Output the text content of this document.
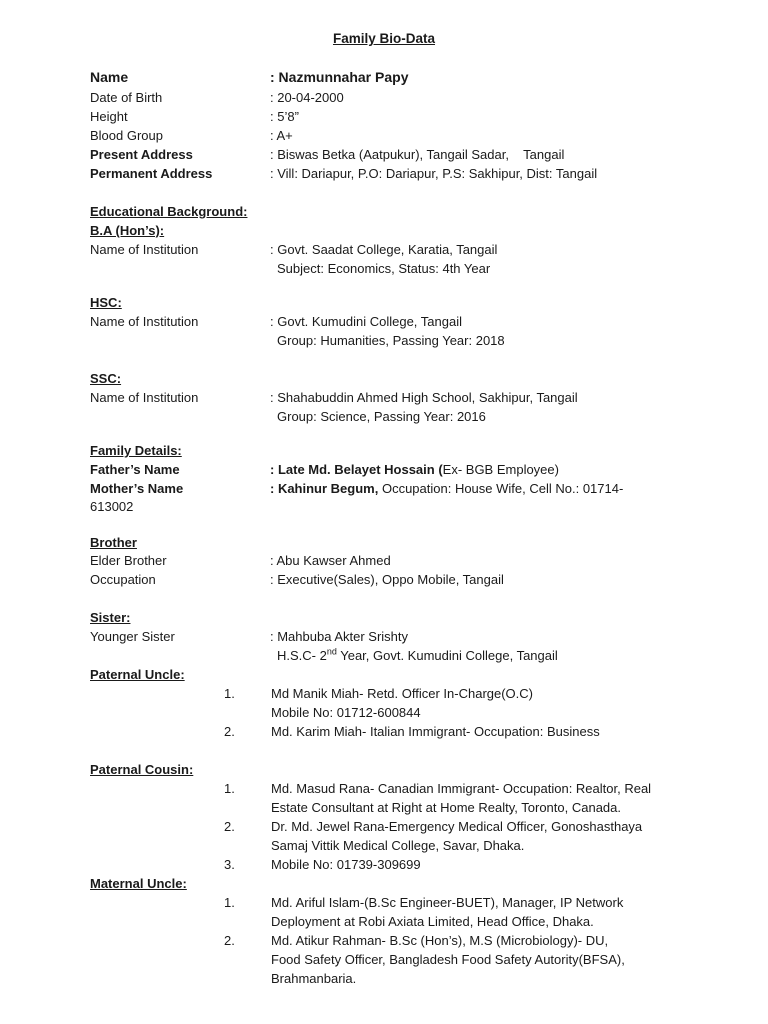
Family Bio-Data
Name	: Nazmunnahar Papy
Date of Birth	: 20-04-2000
Height	: 5’8”
Blood Group	: A+
Present Address	: Biswas Betka (Aatpukur), Tangail Sadar,    Tangail
Permanent Address	: Vill: Dariapur, P.O: Dariapur, P.S: Sakhipur, Dist: Tangail
Educational Background:
B.A (Hon’s):
Name of Institution	: Govt. Saadat College, Karatia, Tangail
Subject: Economics, Status: 4th Year
HSC:
Name of Institution	: Govt. Kumudini College, Tangail
Group: Humanities, Passing Year: 2018
SSC:
Name of Institution	: Shahabuddin Ahmed High School, Sakhipur, Tangail
Group: Science, Passing Year: 2016
Family Details:
Father’s Name	: Late Md. Belayet Hossain (Ex- BGB Employee)
Mother’s Name	: Kahinur Begum, Occupation: House Wife, Cell No.: 01714-
613002
Brother
Elder Brother	: Abu Kawser Ahmed
Occupation	: Executive(Sales), Oppo Mobile, Tangail
Sister:
Younger Sister	: Mahbuba Akter Srishty
H.S.C- 2nd Year, Govt. Kumudini College, Tangail
Paternal Uncle:
1.	Md Manik Miah- Retd. Officer In-Charge(O.C)
Mobile No: 01712-600844
2.	Md. Karim Miah- Italian Immigrant- Occupation: Business
Paternal Cousin:
1.	Md. Masud Rana- Canadian Immigrant- Occupation: Realtor, Real
Estate Consultant at Right at Home Realty, Toronto, Canada.
2.	Dr. Md. Jewel Rana-Emergency Medical Officer, Gonoshasthaya
Samaj Vittik Medical College, Savar, Dhaka.
3.	Mobile No: 01739-309699
Maternal Uncle:
1.	Md. Ariful Islam-(B.Sc Engineer-BUET), Manager, IP Network
Deployment at Robi Axiata Limited, Head Office, Dhaka.
2.	Md. Atikur Rahman- B.Sc (Hon’s), M.S (Microbiology)- DU,
Food Safety Officer, Bangladesh Food Safety Autority(BFSA),
Brahmanbaria.
